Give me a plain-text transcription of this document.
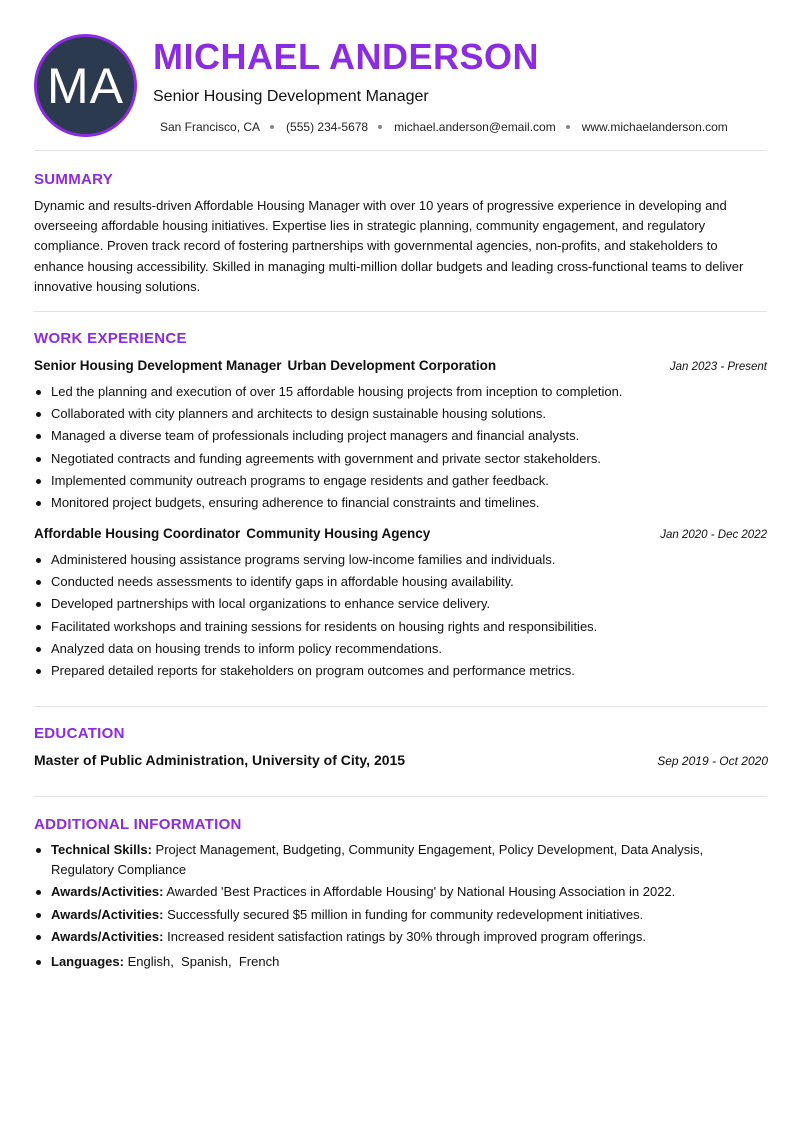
MA
MICHAEL ANDERSON
Senior Housing Development Manager
San Francisco, CA (555) 234-5678 michael.anderson@email.com www.michaelanderson.com
SUMMARY
Dynamic and results-driven Affordable Housing Manager with over 10 years of progressive experience in developing and overseeing affordable housing initiatives. Expertise lies in strategic planning, community engagement, and regulatory compliance. Proven track record of fostering partnerships with governmental agencies, non-profits, and stakeholders to enhance housing accessibility. Skilled in managing multi-million dollar budgets and leading cross-functional teams to deliver innovative housing solutions.
WORK EXPERIENCE
Senior Housing Development Manager Urban Development Corporation	Jan 2023 - Present
Led the planning and execution of over 15 affordable housing projects from inception to completion.
Collaborated with city planners and architects to design sustainable housing solutions.
Managed a diverse team of professionals including project managers and financial analysts.
Negotiated contracts and funding agreements with government and private sector stakeholders.
Implemented community outreach programs to engage residents and gather feedback.
Monitored project budgets, ensuring adherence to financial constraints and timelines.
Affordable Housing Coordinator Community Housing Agency	Jan 2020 - Dec 2022
Administered housing assistance programs serving low-income families and individuals.
Conducted needs assessments to identify gaps in affordable housing availability.
Developed partnerships with local organizations to enhance service delivery.
Facilitated workshops and training sessions for residents on housing rights and responsibilities.
Analyzed data on housing trends to inform policy recommendations.
Prepared detailed reports for stakeholders on program outcomes and performance metrics.
EDUCATION
Master of Public Administration, University of City, 2015	Sep 2019 - Oct 2020
ADDITIONAL INFORMATION
Technical Skills: Project Management, Budgeting, Community Engagement, Policy Development, Data Analysis, Regulatory Compliance
Awards/Activities: Awarded 'Best Practices in Affordable Housing' by National Housing Association in 2022.
Awards/Activities: Successfully secured $5 million in funding for community redevelopment initiatives.
Awards/Activities: Increased resident satisfaction ratings by 30% through improved program offerings.
Languages: English,  Spanish,  French
